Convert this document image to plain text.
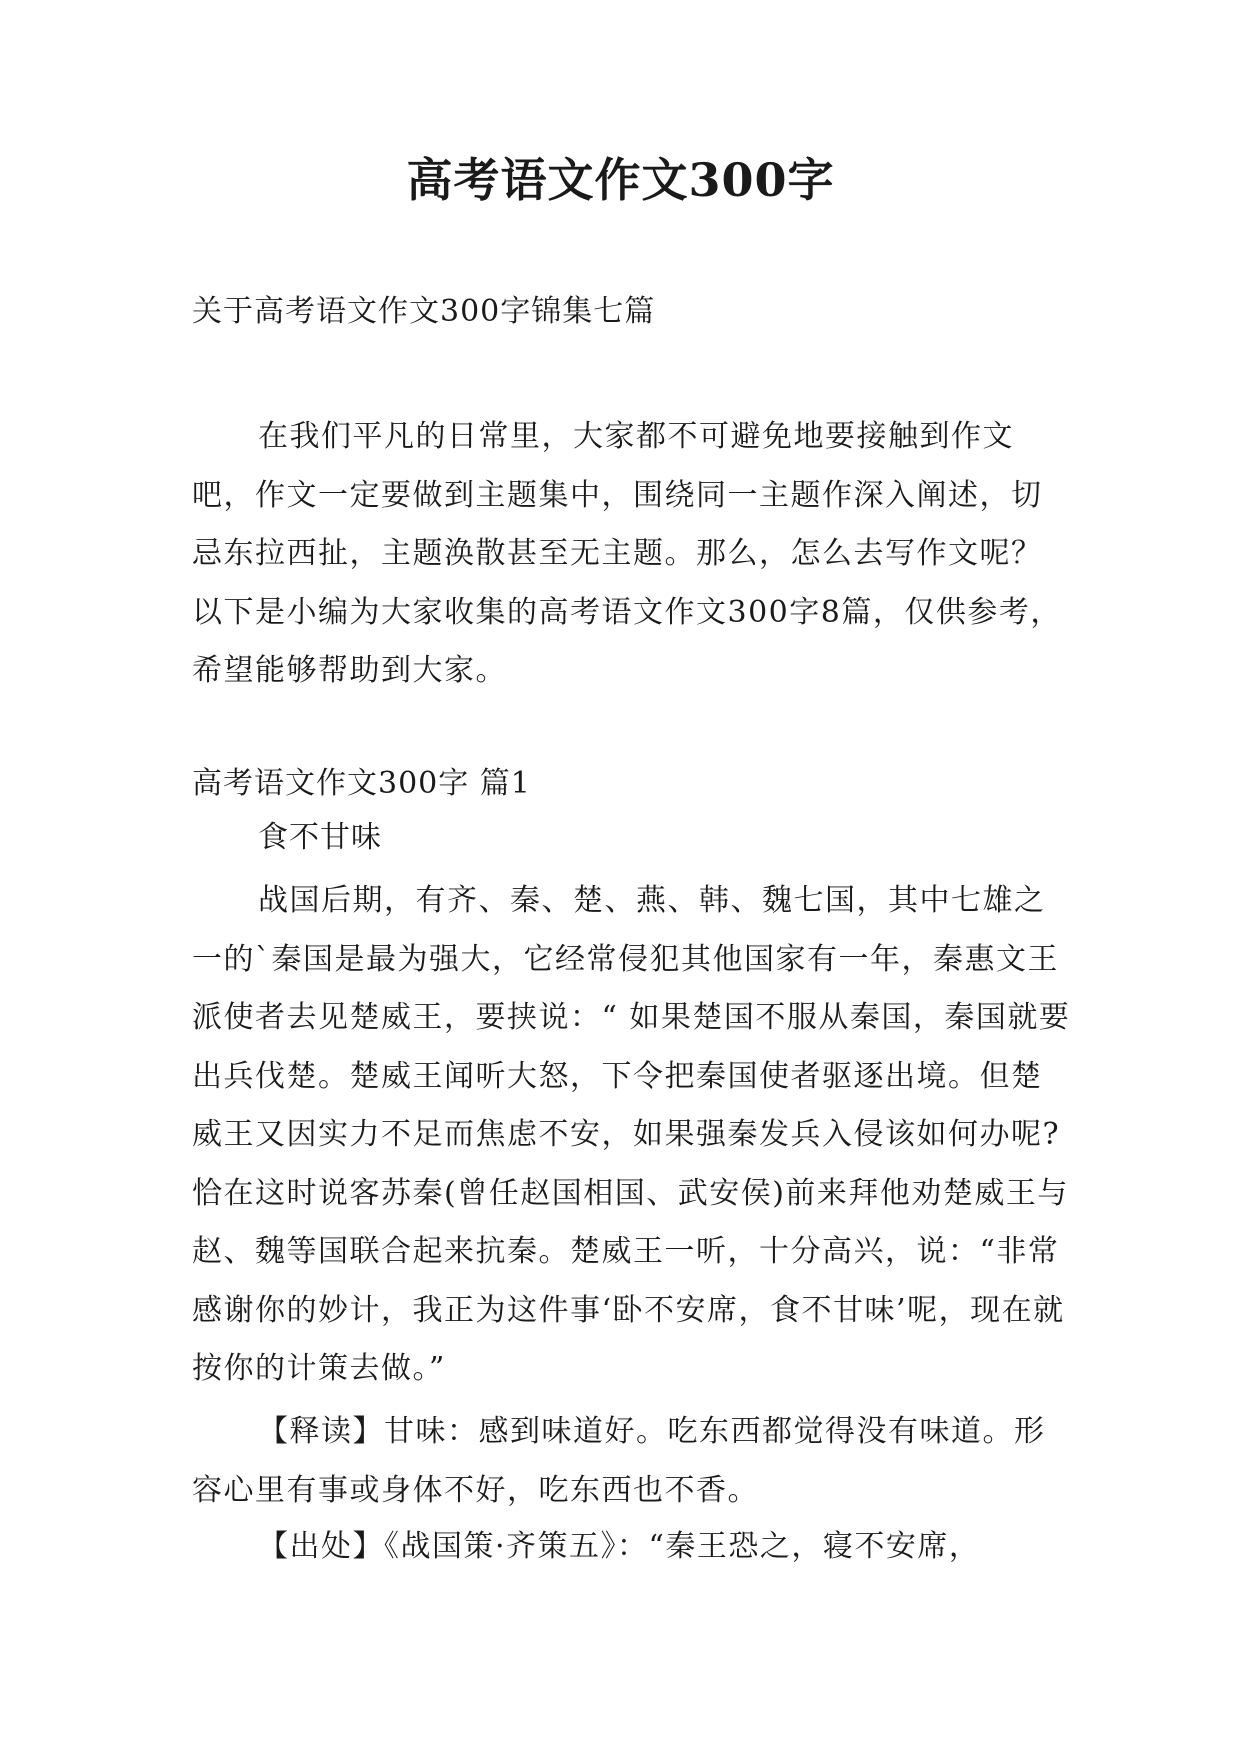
高考语文作文300字
关于高考语文作文300字锦集七篇

在我们平凡的日常里，大家都不可避免地要接触到作文吧，作文一定要做到主题集中，围绕同一主题作深入阐述，切忌东拉西扯，主题涣散甚至无主题。那么，怎么去写作文呢？以下是小编为大家收集的高考语文作文300字8篇，仅供参考，希望能够帮助到大家。

高考语文作文300字 篇1
食不甘味

战国后期，有齐、秦、楚、燕、韩、魏七国，其中七雄之一的`秦国是最为强大，它经常侵犯其他国家有一年，秦惠文王派使者去见楚威王，要挟说：“ 如果楚国不服从秦国，秦国就要出兵伐楚。楚威王闻听大怒，下令把秦国使者驱逐出境。但楚威王又因实力不足而焦虑不安，如果强秦发兵入侵该如何办呢?恰在这时说客苏秦(曾任赵国相国、武安侯)前来拜他劝楚威王与赵、魏等国联合起来抗秦。楚威王一听，十分高兴，说：“非常感谢你的妙计，我正为这件事‘卧不安席，食不甘味’呢，现在就按你的计策去做。”

【释读】甘味：感到味道好。吃东西都觉得没有味道。形容心里有事或身体不好，吃东西也不香。

【出处】《战国策·齐策五》：“秦王恐之，寝不安席，
